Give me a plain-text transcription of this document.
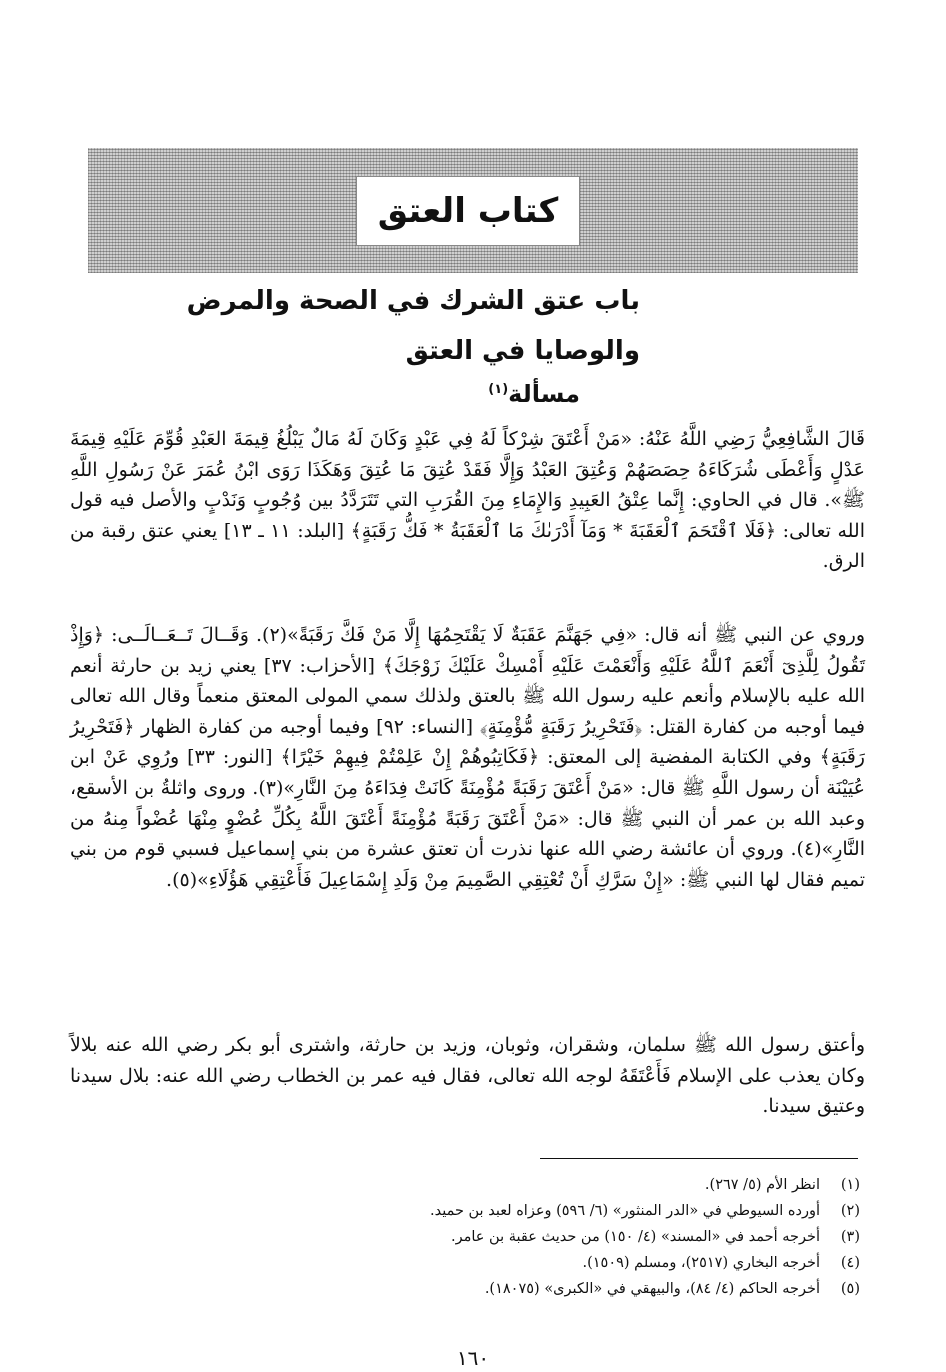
كتاب العتق
باب عتق الشرك في الصحة والمرض
والوصايا في العتق
مسألة$^{(١)}$
قَالَ الشَّافِعِيُّ رَضِي اللَّهُ عَنْهُ: «مَنْ أَعْتَقَ شِرْكاً لَهُ فِي عَبْدٍ وَكَانَ لَهُ مَالٌ يَبْلُغُ قِيمَةَ العَبْدِ قُوِّمَ عَلَيْهِ قِيمَةَ عَدْلٍ وَأَعْطَى شُرَكَاءَهُ حِصَصَهُمْ وَعُتِقَ العَبْدُ وَإِلَّا فَقَدْ عُتِقَ مَا عُتِقَ وَهَكَذَا رَوَى ابْنُ عُمَرَ عَنْ رَسُولِ اللَّهِ ﷺ». قال في الحاوي: إِنَّما عِتْقُ العَبِيدِ وَالإِمَاءِ مِنَ القُرَبِ التي تَتَرَدَّدُ بين وُجُوبٍ وَنَدْبٍ والأصل فيه قول الله تعالى: ﴿فَلَا ٱقْتَحَمَ ٱلْعَقَبَةَ * وَمَآ أَدْرَىٰكَ مَا ٱلْعَقَبَةُ * فَكُّ رَقَبَةٍ﴾ [البلد: ١١ ـ ١٣] يعني عتق رقبة من الرق.
وروي عن النبي ﷺ أنه قال: «فِي جَهَنَّمَ عَقَبَةٌ لَا يَقْتَحِمُهَا إِلَّا مَنْ فَكَّ رَقَبَةً»(٢). وَقَــالَ تَــعَــالَــى: ﴿وَإِذْ تَقُولُ لِلَّذِىٓ أَنْعَمَ ٱللَّهُ عَلَيْهِ وَأَنْعَمْتَ عَلَيْهِ أَمْسِكْ عَلَيْكَ زَوْجَكَ﴾ [الأحزاب: ٣٧] يعني زيد بن حارثة أنعم الله عليه بالإسلام وأنعم عليه رسول الله ﷺ بالعتق ولذلك سمي المولى المعتق منعماً وقال الله تعالى فيما أوجبه من كفارة القتل: ﴿فَتَحْرِيرُ رَقَبَةٍ مُّؤْمِنَةٍ﴾ [النساء: ٩٢] وفيما أوجبه من كفارة الظهار ﴿فَتَحْرِيرُ رَقَبَةٍ﴾ وفي الكتابة المفضية إلى المعتق: ﴿فَكَاتِبُوهُمْ إِنْ عَلِمْتُمْ فِيهِمْ خَيْرًا﴾ [النور: ٣٣] ورُوِي عَنْ ابن عُيَيْنَة أن رسول اللَّهِ ﷺ قال: «مَنْ أَعْتَقَ رَقَبَةً مُؤْمِنَةً كَانَتْ فِدَاءَهُ مِنَ النَّارِ»(٣). وروى واثلةُ بن الأسقع، وعبد الله بن عمر أن النبي ﷺ قال: «مَنْ أَعْتَقَ رَقَبَةً مُؤْمِنَةً أَعْتَقَ اللَّهُ بِكُلِّ عُضْوٍ مِنْهَا عُضْواً مِنهُ من النَّارِ»(٤). وروي أن عائشة رضي الله عنها نذرت أن تعتق عشرة من بني إسماعيل فسبي قوم من بني تميم فقال لها النبي ﷺ: «إِنْ سَرَّكِ أَنْ تُعْتِقِي الصَّمِيمَ مِنْ وَلَدِ إِسْمَاعِيلَ فَأَعْتِقِي هَؤُلَاءِ»(٥).
وأعتق رسول الله ﷺ سلمان، وشقران، وثوبان، وزيد بن حارثة، واشترى أبو بكر رضي الله عنه بلالاً وكان يعذب على الإسلام فَأَعْتَقَهُ لوجه الله تعالى، فقال فيه عمر بن الخطاب رضي الله عنه: بلال سيدنا وعتيق سيدنا.
(١)انظر الأم (٥/ ٢٦٧).
(٢)أورده السيوطي في «الدر المنثور» (٦/ ٥٩٦) وعزاه لعبد بن حميد.
(٣)أخرجه أحمد في «المسند» (٤/ ١٥٠) من حديث عقبة بن عامر.
(٤)أخرجه البخاري (٢٥١٧)، ومسلم (١٥٠٩).
(٥)أخرجه الحاكم (٤/ ٨٤)، والبيهقي في «الكبرى» (١٨٠٧٥).
١٦٠
